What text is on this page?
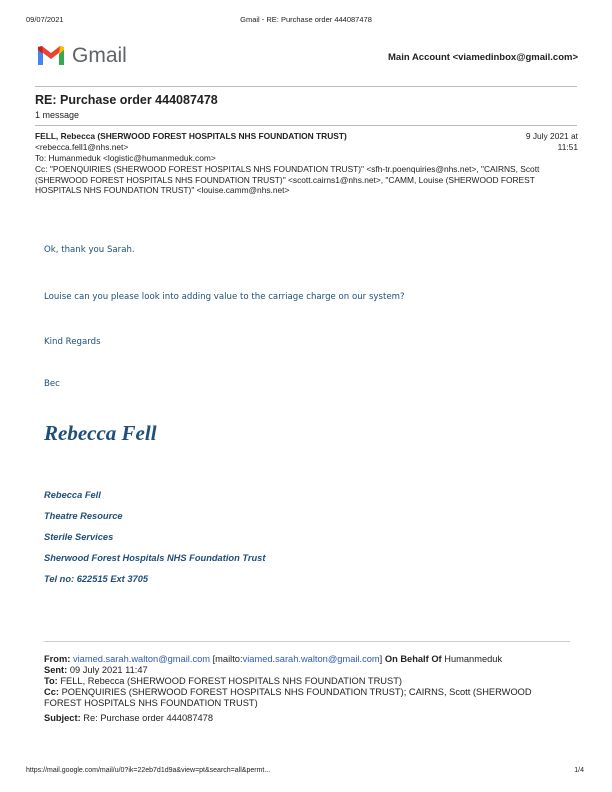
09/07/2021	Gmail - RE: Purchase order 444087478
Gmail	Main Account <viamedinbox@gmail.com>
RE: Purchase order 444087478
1 message
FELL, Rebecca (SHERWOOD FOREST HOSPITALS NHS FOUNDATION TRUST)
<rebecca.fell1@nhs.net>
9 July 2021 at
11:51
To: Humanmeduk <logistic@humanmeduk.com>
Cc: "POENQUIRIES (SHERWOOD FOREST HOSPITALS NHS FOUNDATION TRUST)" <sfh-tr.poenquiries@nhs.net>, "CAIRNS, Scott (SHERWOOD FOREST HOSPITALS NHS FOUNDATION TRUST)" <scott.cairns1@nhs.net>, "CAMM, Louise (SHERWOOD FOREST HOSPITALS NHS FOUNDATION TRUST)" <louise.camm@nhs.net>
Ok, thank you Sarah.
Louise can you please look into adding value to the carriage charge on our system?
Kind Regards
Bec
Rebecca Fell
Rebecca Fell
Theatre Resource
Sterile Services
Sherwood Forest Hospitals NHS Foundation Trust
Tel no: 622515 Ext 3705
From: viamed.sarah.walton@gmail.com [mailto:viamed.sarah.walton@gmail.com] On Behalf Of Humanmeduk
Sent: 09 July 2021 11:47
To: FELL, Rebecca (SHERWOOD FOREST HOSPITALS NHS FOUNDATION TRUST)
Cc: POENQUIRIES (SHERWOOD FOREST HOSPITALS NHS FOUNDATION TRUST); CAIRNS, Scott (SHERWOOD FOREST HOSPITALS NHS FOUNDATION TRUST)
Subject: Re: Purchase order 444087478
https://mail.google.com/mail/u/0?ik=22eb7d1d9a&view=pt&search=all&permt...	1/4
